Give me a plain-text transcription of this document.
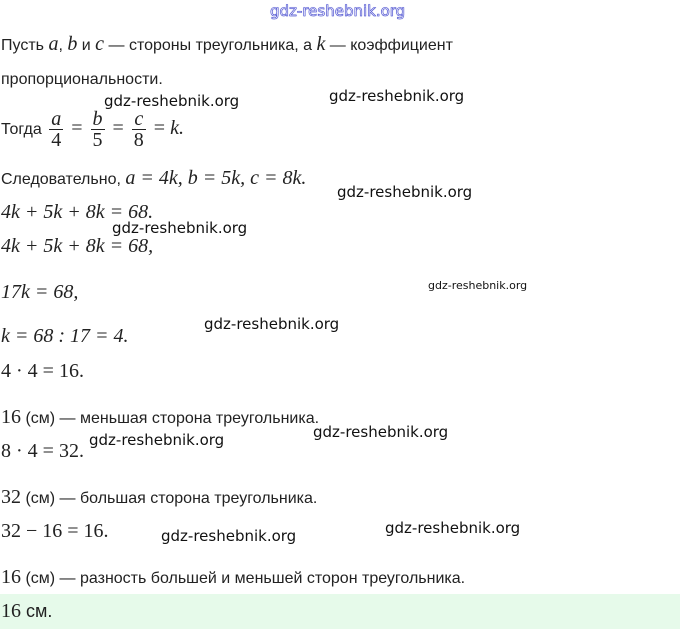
gdz-reshebnik.org
Пусть a, b и c — стороны треугольника, а k — коэффициент
пропорциональности.
Тогда $\frac{a}{4} = \frac{b}{5} = \frac{c}{8} = k$.
Следовательно, a = 4k, b = 5k, c = 8k.
4k + 5k + 8k = 68.
4k + 5k + 8k = 68,
17k = 68,
k = 68 : 17 = 4.
4 · 4 = 16.
16 (см) — меньшая сторона треугольника.
8 · 4 = 32.
32 (см) — большая сторона треугольника.
32 − 16 = 16.
16 (см) — разность большей и меньшей сторон треугольника.
16 см.
gdz-reshebnik.org	gdz-reshebnik.org
gdz-reshebnik.org
gdz-reshebnik.org
gdz-reshebnik.org
gdz-reshebnik.org
gdz-reshebnik.org	gdz-reshebnik.org
gdz-reshebnik.org	gdz-reshebnik.org
